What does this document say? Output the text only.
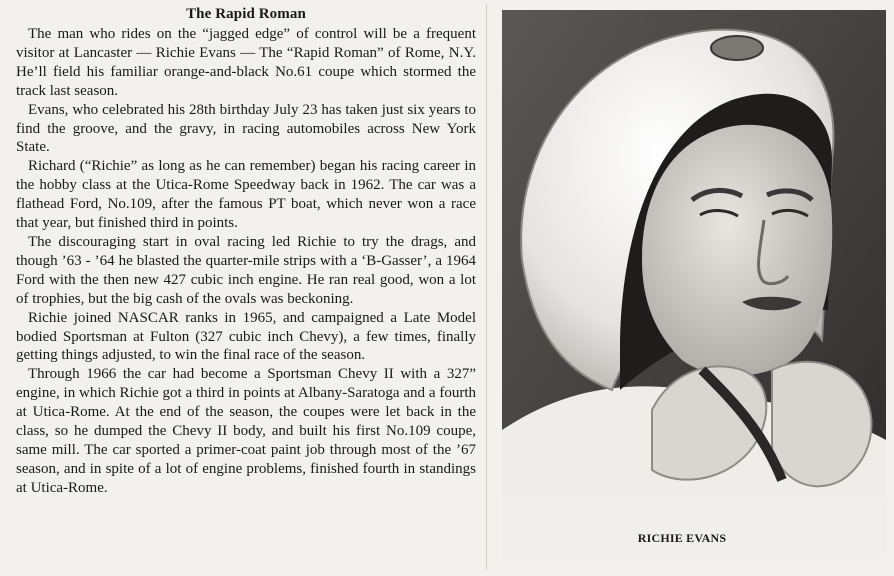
The Rapid Roman

The man who rides on the “jagged edge” of control will be a frequent visitor at Lancaster — Richie Evans — The “Rapid Roman” of Rome, N.Y. He’ll field his familiar orange-and-black No.61 coupe which stormed the track last season.

Evans, who celebrated his 28th birthday July 23 has taken just six years to find the groove, and the gravy, in racing automobiles across New York State.

Richard (“Richie” as long as he can remember) began his racing career in the hobby class at the Utica-Rome Speedway back in 1962. The car was a flathead Ford, No.109, after the famous PT boat, which never won a race that year, but finished third in points.

The discouraging start in oval racing led Richie to try the drags, and though ’63 - ’64 he blasted the quarter-mile strips with a ‘B-Gasser’, a 1964 Ford with the then new 427 cubic inch engine. He ran real good, won a lot of trophies, but the big cash of the ovals was beckoning.

Richie joined NASCAR ranks in 1965, and campaigned a Late Model bodied Sportsman at Fulton (327 cubic inch Chevy), a few times, finally getting things adjusted, to win the final race of the season.

Through 1966 the car had become a Sportsman Chevy II with a 327” engine, in which Richie got a third in points at Albany-Saratoga and a fourth at Utica-Rome. At the end of the season, the coupes were let back in the class, so he dumped the Chevy II body, and built his first No.109 coupe, same mill. The car sported a primer-coat paint job through most of the ’67 season, and in spite of a lot of engine problems, finished fourth in standings at Utica-Rome.

RICHIE EVANS
